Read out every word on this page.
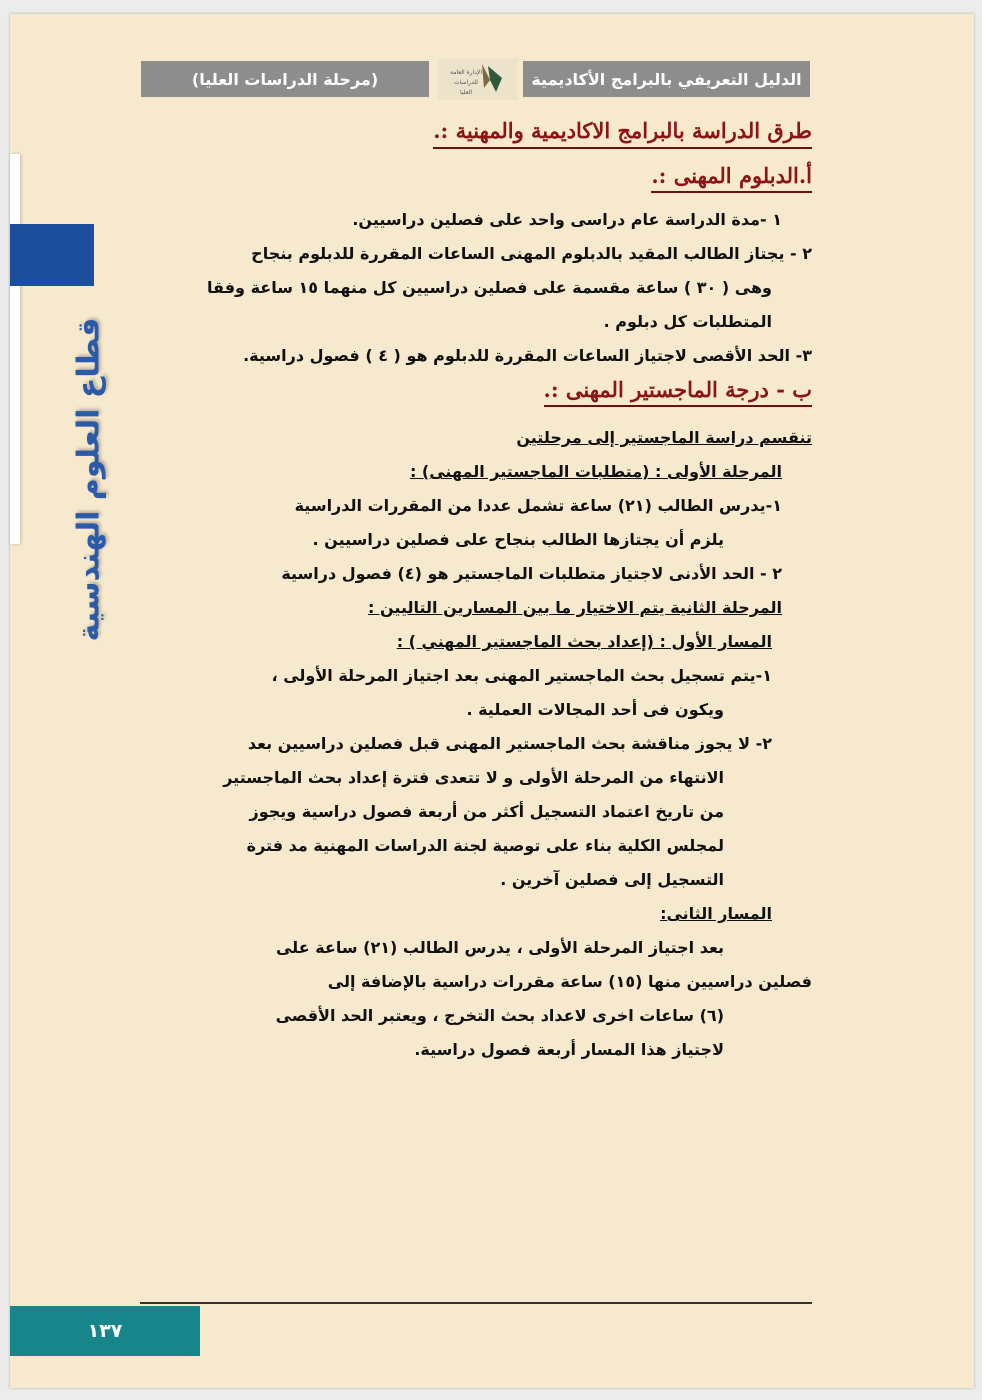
الدليل التعريفي بالبرامج الأكاديمية
الإدارة العامة
للدراسات
العليا
(مرحلة الدراسات العليا)
قطاع العلوم الهندسية
طرق الدراسة بالبرامج الاكاديمية والمهنية :.
أ.الدبلوم المهنى :.

١ -مدة الدراسة عام دراسى واحد على فصلين دراسيين.

٢ - يجتاز الطالب المقيد بالدبلوم المهنى الساعات المقررة للدبلوم بنجاح

وهى ( ٣٠ ) ساعة مقسمة على فصلين دراسيين كل منهما ١٥ ساعة وفقا

المتطلبات كل دبلوم .

٣- الحد الأقصى لاجتياز الساعات المقررة للدبلوم هو ( ٤ ) فصول دراسية.

ب - درجة الماجستير المهنى :.

تنقسم دراسة الماجستير إلى مرحلتين

المرحلة الأولى : (متطلبات الماجستير المهنى) :

١-يدرس الطالب (٢١) ساعة تشمل عددا من المقررات الدراسية

يلزم أن يجتازها الطالب بنجاح على فصلين دراسيين .

٢ - الحد الأدنى لاجتياز متطلبات الماجستير هو (٤) فصول دراسية

المرحلة الثانية يتم الاختيار ما بين المسارين التاليين :

المسار الأول : (إعداد بحث الماجستير المهني ) :

١-يتم تسجيل بحث الماجستير المهنى بعد اجتياز المرحلة الأولى ،

ويكون فى أحد المجالات العملية .

٢- لا يجوز مناقشة بحث الماجستير المهنى قبل فصلين دراسيين بعد

الانتهاء من المرحلة الأولى و لا تتعدى فترة إعداد بحث الماجستير

من تاريخ اعتماد التسجيل أكثر من أربعة فصول دراسية ويجوز

لمجلس الكلية بناء على توصية لجنة الدراسات المهنية مد فترة

التسجيل إلى فصلين آخرين .

المسار الثانى:

بعد اجتياز المرحلة الأولى ، يدرس الطالب (٢١) ساعة على

فصلين دراسيين منها (١٥) ساعة مقررات دراسية بالإضافة إلى

(٦) ساعات اخرى لاعداد بحث التخرج ، ويعتبر الحد الأقصى

لاجتياز هذا المسار أربعة فصول دراسية.

١٣٧
